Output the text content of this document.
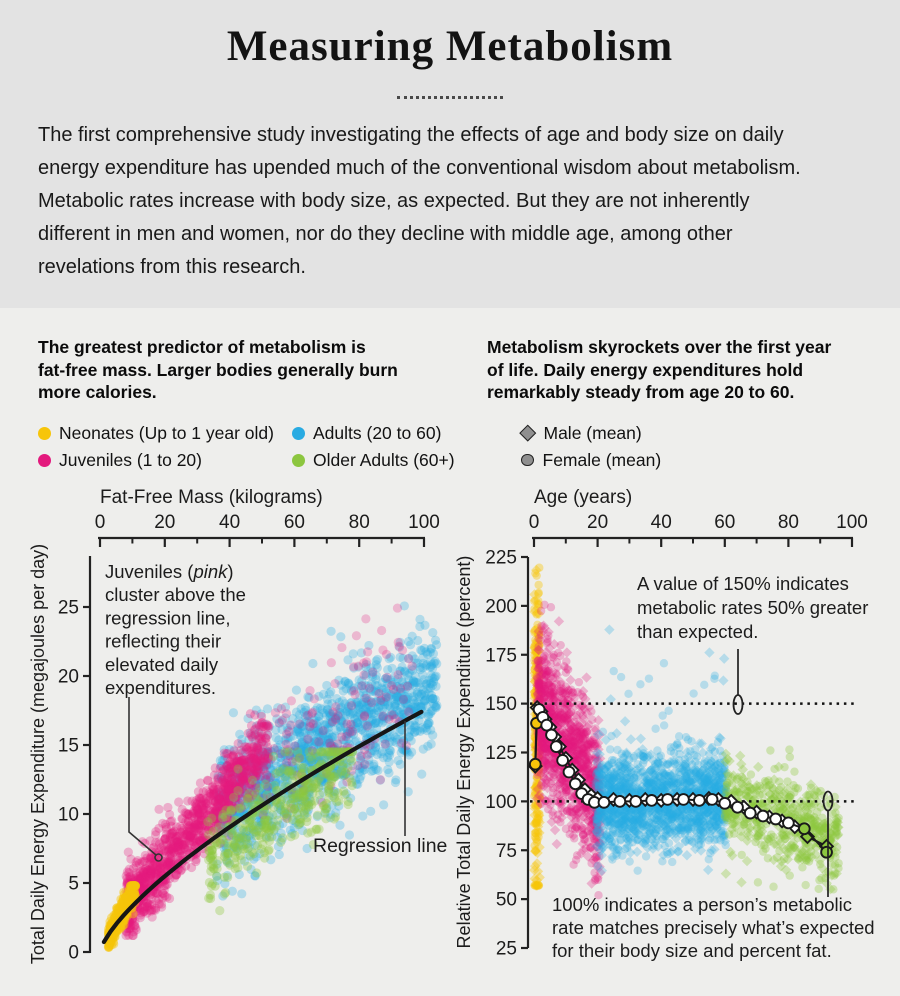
Measuring Metabolism
The first comprehensive study investigating the effects of age and body size on daily
energy expenditure has upended much of the conventional wisdom about metabolism.
Metabolic rates increase with body size, as expected. But they are not inherently
different in men and women, nor do they decline with middle age, among other
revelations from this research.
The greatest predictor of metabolism is
fat-free mass. Larger bodies generally burn
more calories.
Metabolism skyrockets over the first year
of life. Daily energy expenditures hold
remarkably steady from age 20 to 60.
Neonates (Up to 1 year old)
Juveniles (1 to 20)
Adults (20 to 60)
Older Adults (60+)
Male (mean)
Female (mean)
Fat-Free Mass (kilograms)
0	20 40 60 80 100
0
5
10
15
20
25
Total Daily Energy Expenditure (megajoules per day)	Juveniles (pink)
cluster above the
regression line,
reflecting their
elevated daily
expenditures.
Regression line
Age (years)
0	20 40 60 80 100
25
50
75
100
125
150
175
200
225
Relative Total Daily Energy Expenditure (percent)	A value of 150% indicates
metabolic rates 50% greater
than expected.
100% indicates a person’s metabolic
rate matches precisely what’s expected
for their body size and percent fat.
